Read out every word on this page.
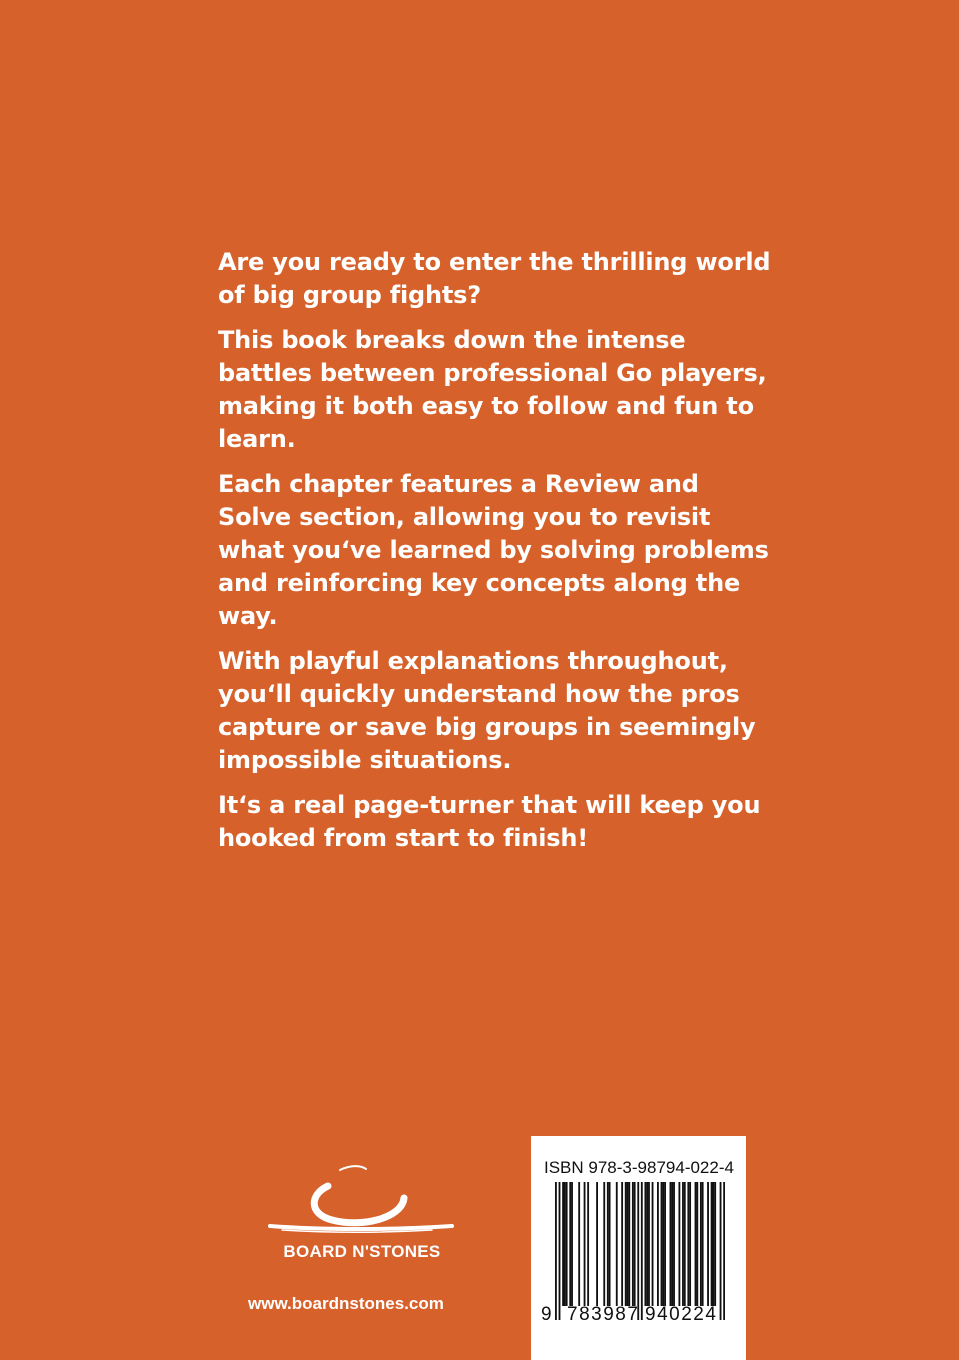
Are you ready to enter the thrilling world of big group fights?

This book breaks down the intense battles between professional Go players, making it both easy to follow and fun to learn.

Each chapter features a Review and Solve section, allowing you to revisit what you‘ve learned by solving problems and reinforcing key concepts along the way.

With playful explanations throughout, you‘ll quickly understand how the pros capture or save big groups in seemingly impossible situations.

It‘s a real page-turner that will keep you hooked from start to finish!

BOARD N'STONES
www.boardnstones.com
ISBN 978-3-98794-022-4
9 783987 940224
